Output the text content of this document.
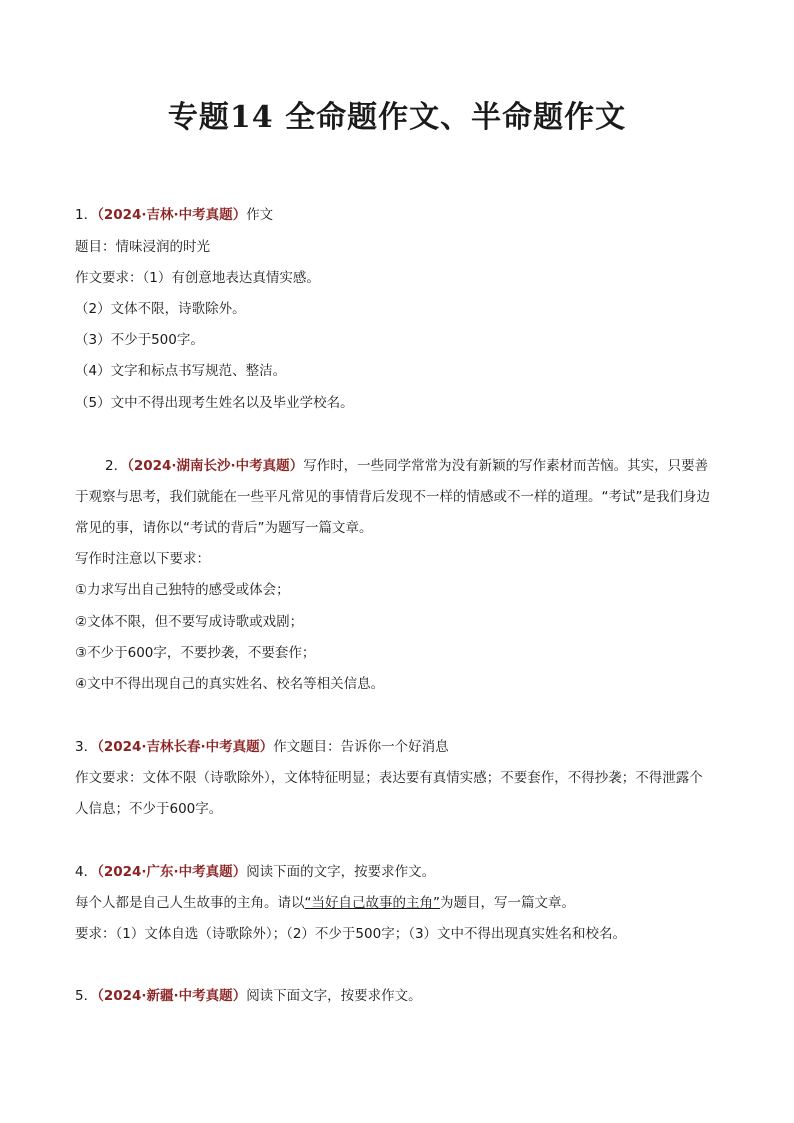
专题14 全命题作文、半命题作文
1．（2024·吉林·中考真题）作文
题目：情味浸润的时光
作文要求：（1）有创意地表达真情实感。
（2）文体不限，诗歌除外。
（3）不少于500字。
（4）文字和标点书写规范、整洁。
（5）文中不得出现考生姓名以及毕业学校名。
2．（2024·湖南长沙·中考真题）写作时，一些同学常常为没有新颖的写作素材而苦恼。其实，只要善
于观察与思考，我们就能在一些平凡常见的事情背后发现不一样的情感或不一样的道理。“考试”是我们身边
常见的事，请你以“考试的背后”为题写一篇文章。
写作时注意以下要求：
①力求写出自己独特的感受或体会；
②文体不限，但不要写成诗歌或戏剧；
③不少于600字，不要抄袭，不要套作；
④文中不得出现自己的真实姓名、校名等相关信息。
3．（2024·吉林长春·中考真题）作文题目：告诉你一个好消息
作文要求：文体不限（诗歌除外），文体特征明显；表达要有真情实感；不要套作，不得抄袭；不得泄露个
人信息；不少于600字。
4．（2024·广东·中考真题）阅读下面的文字，按要求作文。
每个人都是自己人生故事的主角。请以“当好自己故事的主角”为题目，写一篇文章。
要求：（1）文体自选（诗歌除外）；（2）不少于500字；（3）文中不得出现真实姓名和校名。
5．（2024·新疆·中考真题）阅读下面文字，按要求作文。
